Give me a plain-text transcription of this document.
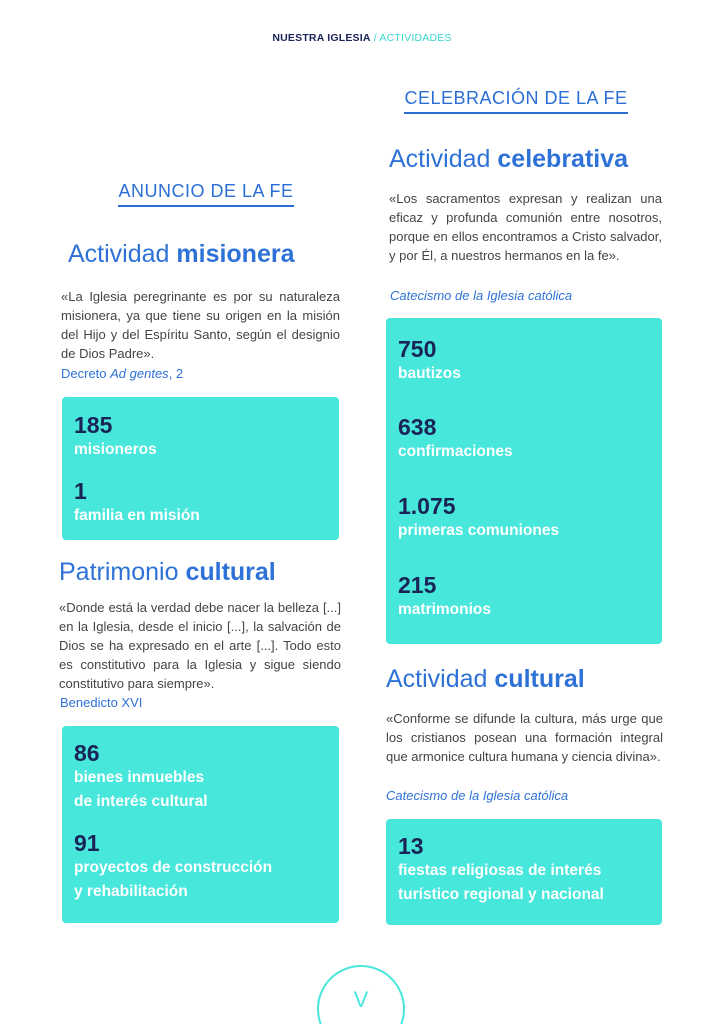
NUESTRA IGLESIA / ACTIVIDADES
CELEBRACIÓN DE LA FE
ANUNCIO DE LA FE
Actividad celebrativa
«Los sacramentos expresan y realizan una eficaz y profunda comunión entre nosotros, porque en ellos encontramos a Cristo salvador, y por Él, a nuestros hermanos en la fe».
Catecismo de la Iglesia católica
750
bautizos
638
confirmaciones
1.075
primeras comuniones
215
matrimonios
Actividad misionera
«La Iglesia peregrinante es por su naturaleza misionera, ya que tiene su origen en la misión del Hijo y del Espíritu Santo, según el designio de Dios Padre».
Decreto Ad gentes, 2
185
misioneros
1
familia en misión
Patrimonio cultural
«Donde está la verdad debe nacer la belleza [...] en la Iglesia, desde el inicio [...], la salvación de Dios se ha expresado en el arte [...]. Todo esto es constitutivo para la Iglesia y sigue siendo constitutivo para siempre».
Benedicto XVI
86
bienes inmuebles
de interés cultural
91
proyectos de construcción
y rehabilitación
Actividad cultural
«Conforme se difunde la cultura, más urge que los cristianos posean una formación integral que armonice cultura humana y ciencia divina».
Catecismo de la Iglesia católica
13
fiestas religiosas de interés
turístico regional y nacional
V
